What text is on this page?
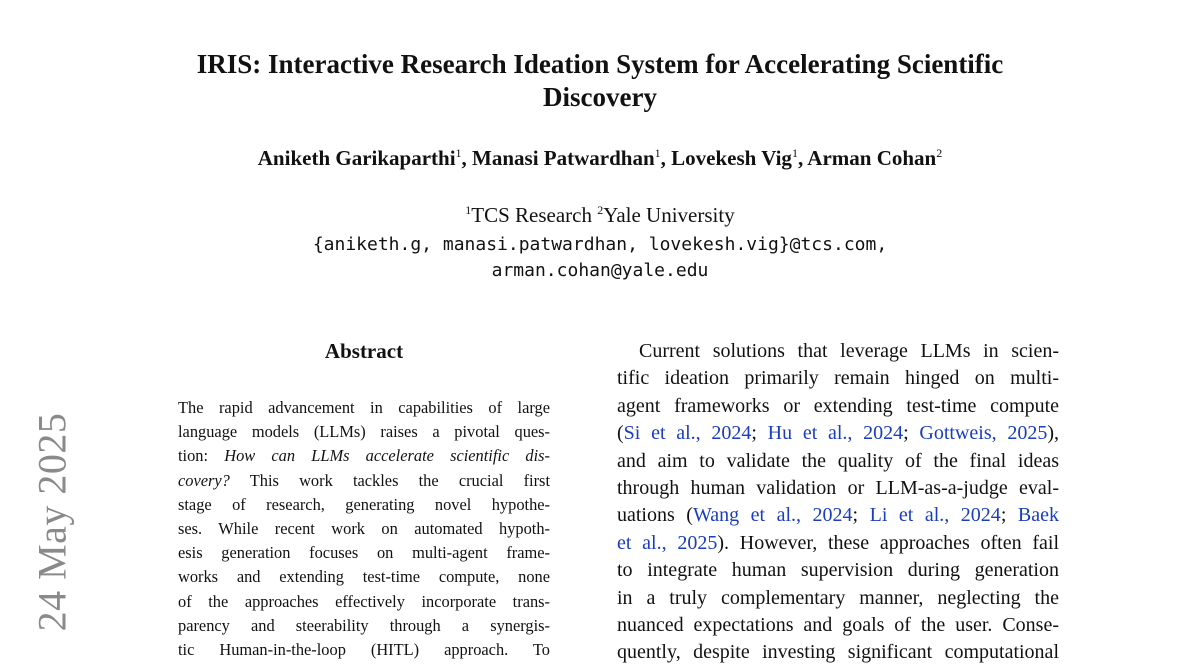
24 May 2025
IRIS: Interactive Research Ideation System for Accelerating Scientific
Discovery
Aniketh Garikaparthi$^1$, Manasi Patwardhan$^1$, Lovekesh Vig$^1$, Arman Cohan$^2$
$^1$TCS Research $^2$Yale University
{aniketh.g, manasi.patwardhan, lovekesh.vig}@tcs.com,
arman.cohan@yale.edu
Abstract
The rapid advancement in capabilities of large
language models (LLMs) raises a pivotal ques-
tion: How can LLMs accelerate scientific dis-
covery? This work tackles the crucial first
stage of research, generating novel hypothe-
ses. While recent work on automated hypoth-
esis generation focuses on multi-agent frame-
works and extending test-time compute, none
of the approaches effectively incorporate trans-
parency and steerability through a synergis-
tic Human-in-the-loop (HITL) approach. To
Current solutions that leverage LLMs in scien-
tific ideation primarily remain hinged on multi-
agent frameworks or extending test-time compute
(Si et al., 2024; Hu et al., 2024; Gottweis, 2025),
and aim to validate the quality of the final ideas
through human validation or LLM-as-a-judge eval-
uations (Wang et al., 2024; Li et al., 2024; Baek
et al., 2025). However, these approaches often fail
to integrate human supervision during generation
in a truly complementary manner, neglecting the
nuanced expectations and goals of the user. Conse-
quently, despite investing significant computational
